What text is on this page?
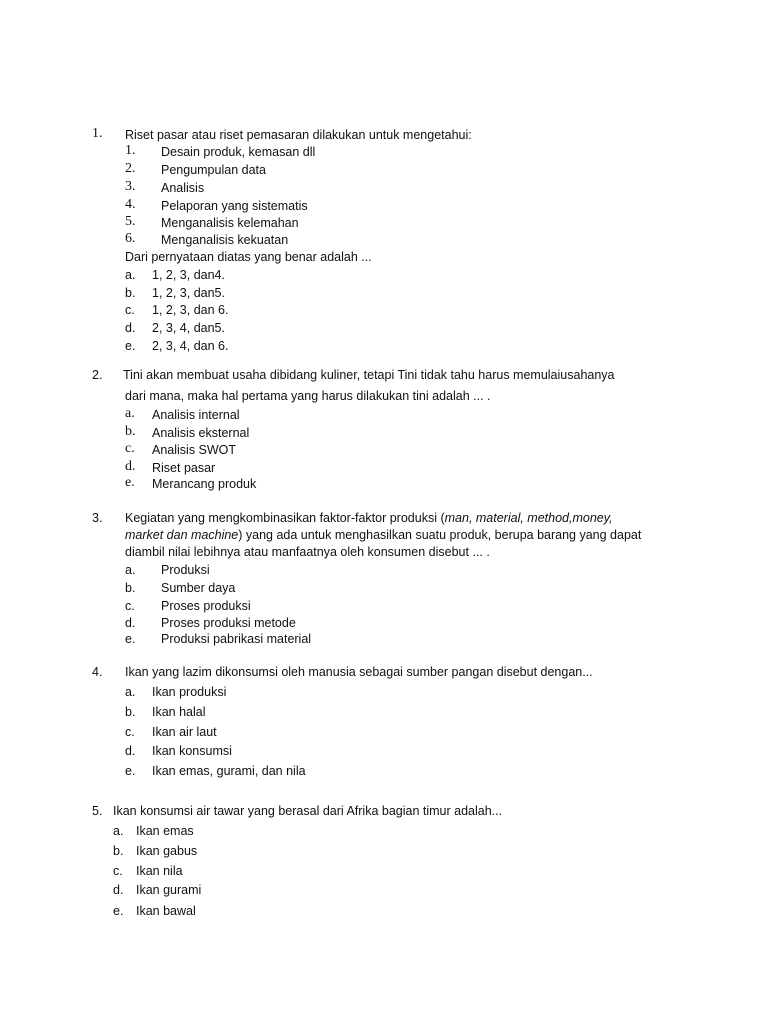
1. Riset pasar atau riset pemasaran dilakukan untuk mengetahui:
1. Desain produk, kemasan dll
2. Pengumpulan data
3. Analisis
4. Pelaporan yang sistematis
5. Menganalisis kelemahan
6. Menganalisis kekuatan
Dari pernyataan diatas yang benar adalah ...
a. 1, 2, 3, dan4.
b. 1, 2, 3, dan5.
c. 1, 2, 3, dan 6.
d. 2, 3, 4, dan5.
e. 2, 3, 4, dan 6.
2. Tini akan membuat usaha dibidang kuliner, tetapi Tini tidak tahu harus memulaiusahanya
dari mana, maka hal pertama yang harus dilakukan tini adalah ... .
a. Analisis internal
b. Analisis eksternal
c. Analisis SWOT
d. Riset pasar
e. Merancang produk
3. Kegiatan yang mengkombinasikan faktor-faktor produksi (man, material, method,money,
market dan machine) yang ada untuk menghasilkan suatu produk, berupa barang yang dapat
diambil nilai lebihnya atau manfaatnya oleh konsumen disebut ... .
a. Produksi
b. Sumber daya
c. Proses produksi
d. Proses produksi metode
e. Produksi pabrikasi material
4. Ikan yang lazim dikonsumsi oleh manusia sebagai sumber pangan disebut dengan...
a. Ikan produksi
b. Ikan halal
c. Ikan air laut
d. Ikan konsumsi
e. Ikan emas, gurami, dan nila
5. Ikan konsumsi air tawar yang berasal dari Afrika bagian timur adalah...
a. Ikan emas
b. Ikan gabus
c. Ikan nila
d. Ikan gurami
e. Ikan bawal
